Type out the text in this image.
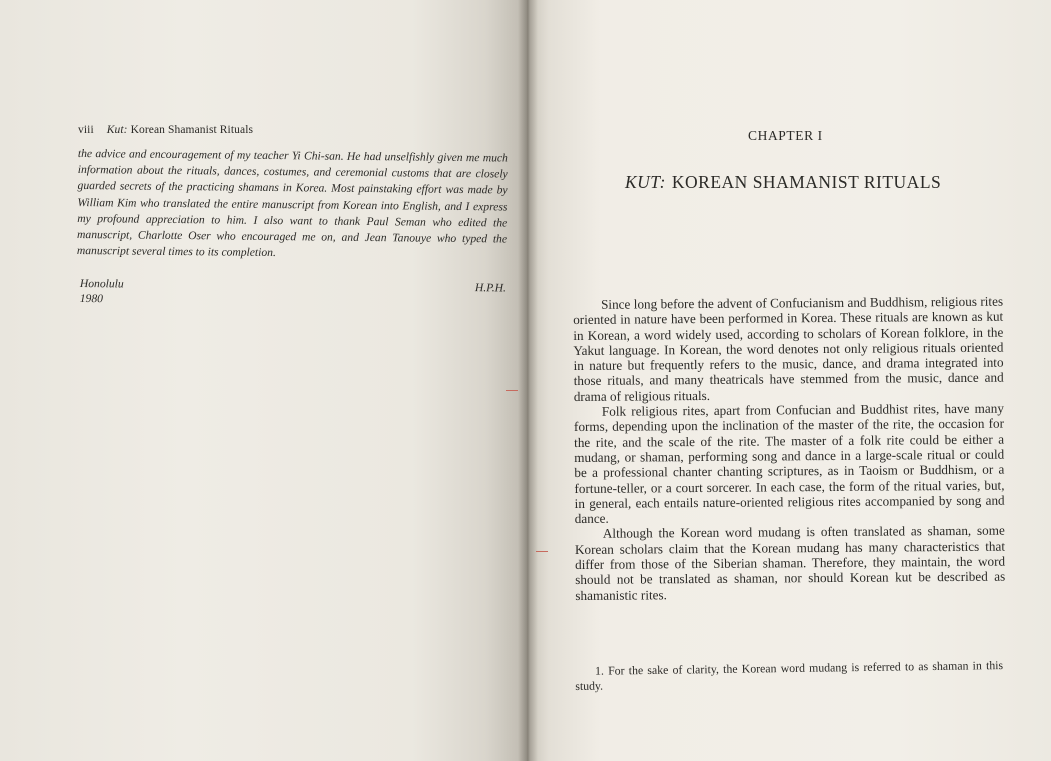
viii Kut: Korean Shamanist Rituals

the advice and encouragement of my teacher Yi Chi-san. He had unselfishly given me much information about the rituals, dances, costumes, and ceremonial customs that are closely guarded secrets of the practicing shamans in Korea. Most painstaking effort was made by William Kim who translated the entire manuscript from Korean into English, and I express my profound appreciation to him. I also want to thank Paul Seman who edited the manuscript, Charlotte Oser who encouraged me on, and Jean Tanouye who typed the manuscript several times to its completion.

Honolulu
1980
H.P.H.
CHAPTER I
KUT: KOREAN SHAMANIST RITUALS

Since long before the advent of Confucianism and Buddhism, religious rites oriented in nature have been performed in Korea. These rituals are known as kut in Korean, a word widely used, according to scholars of Korean folklore, in the Yakut language. In Korean, the word denotes not only religious rituals oriented in nature but frequently refers to the music, dance, and drama integrated into those rituals, and many theatricals have stemmed from the music, dance and drama of religious rituals.

Folk religious rites, apart from Confucian and Buddhist rites, have many forms, depending upon the inclination of the master of the rite, the occasion for the rite, and the scale of the rite. The master of a folk rite could be either a mudang, or shaman, performing song and dance in a large-scale ritual or could be a professional chanter chanting scriptures, as in Taoism or Buddhism, or a fortune-teller, or a court sorcerer. In each case, the form of the ritual varies, but, in general, each entails nature-oriented religious rites accompanied by song and dance.

Although the Korean word mudang is often translated as shaman, some Korean scholars claim that the Korean mudang has many characteristics that differ from those of the Siberian shaman. Therefore, they maintain, the word should not be translated as shaman, nor should Korean kut be described as shamanistic rites.

1. For the sake of clarity, the Korean word mudang is referred to as shaman in this study.
